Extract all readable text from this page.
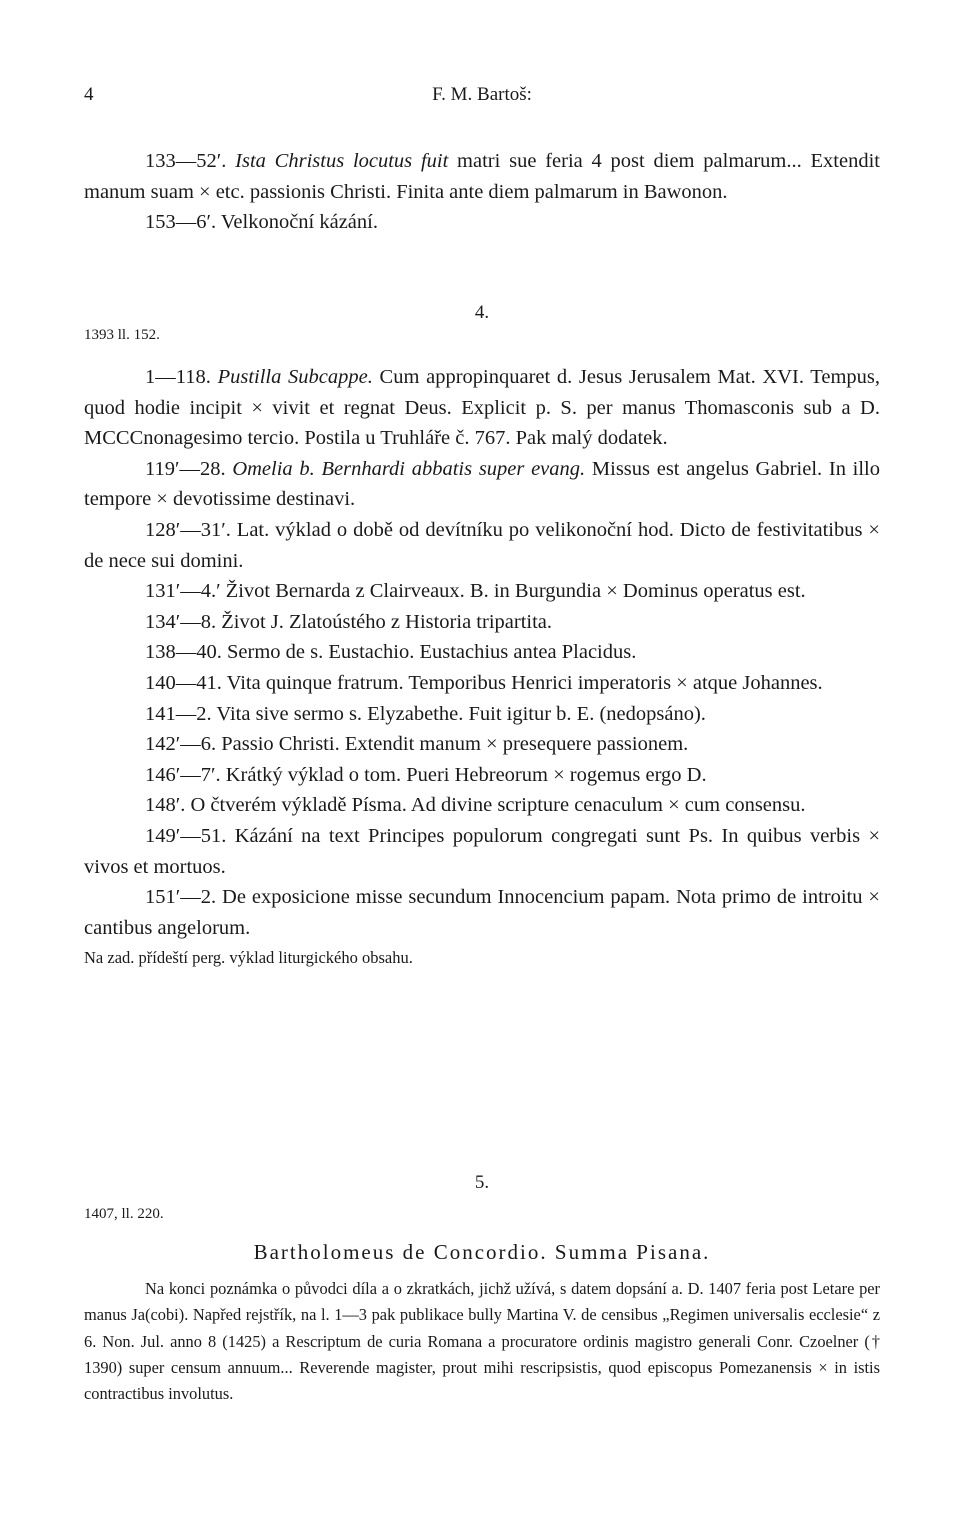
4	F. M. Bartoš:

133—52′. Ista Christus locutus fuit matri sue feria 4 post diem palmarum... Extendit manum suam × etc. passionis Christi. Finita ante diem palmarum in Bawonon.

153—6′. Velkonoční kázání.

4.
1393 ll. 152.

1—118. Pustilla Subcappe. Cum appropinquaret d. Jesus Jerusalem Mat. XVI. Tempus, quod hodie incipit × vivit et regnat Deus. Explicit p. S. per manus Thomasconis sub a D. MCCCnonagesimo tercio. Postila u Truhláře č. 767. Pak malý dodatek.

119′—28. Omelia b. Bernhardi abbatis super evang. Missus est angelus Gabriel. In illo tempore × devotissime destinavi.

128′—31′. Lat. výklad o době od devítníku po velikonoční hod. Dicto de festivitatibus × de nece sui domini.

131′—4.′ Život Bernarda z Clairveaux. B. in Burgundia × Dominus operatus est.

134′—8. Život J. Zlatoústého z Historia tripartita.

138—40. Sermo de s. Eustachio. Eustachius antea Placidus.

140—41. Vita quinque fratrum. Temporibus Henrici imperatoris × atque Johannes.

141—2. Vita sive sermo s. Elyzabethe. Fuit igitur b. E. (nedopsáno).

142′—6. Passio Christi. Extendit manum × presequere passionem.

146′—7′. Krátký výklad o tom. Pueri Hebreorum × rogemus ergo D.

148′. O čtverém výkladě Písma. Ad divine scripture cenaculum × cum consensu.

149′—51. Kázání na text Principes populorum congregati sunt Ps. In quibus verbis × vivos et mortuos.

151′—2. De exposicione misse secundum Innocencium papam. Nota primo de introitu × cantibus angelorum.

Na zad. přídeští perg. výklad liturgického obsahu.

5.
1407, ll. 220.
Bartholomeus de Concordio. Summa Pisana.
Na konci poznámka o původci díla a o zkratkách, jichž užívá, s datem dopsání a. D. 1407 feria post Letare per manus Ja(cobi). Napřed rejstřík, na l. 1—3 pak publikace bully Martina V. de censibus „Regimen universalis ecclesie“ z 6. Non. Jul. anno 8 (1425) a Rescriptum de curia Romana a procuratore ordinis magistro generali Conr. Czoelner († 1390) super censum annuum... Reverende magister, prout mihi rescripsistis, quod episcopus Pomezanensis × in istis contractibus involutus.
